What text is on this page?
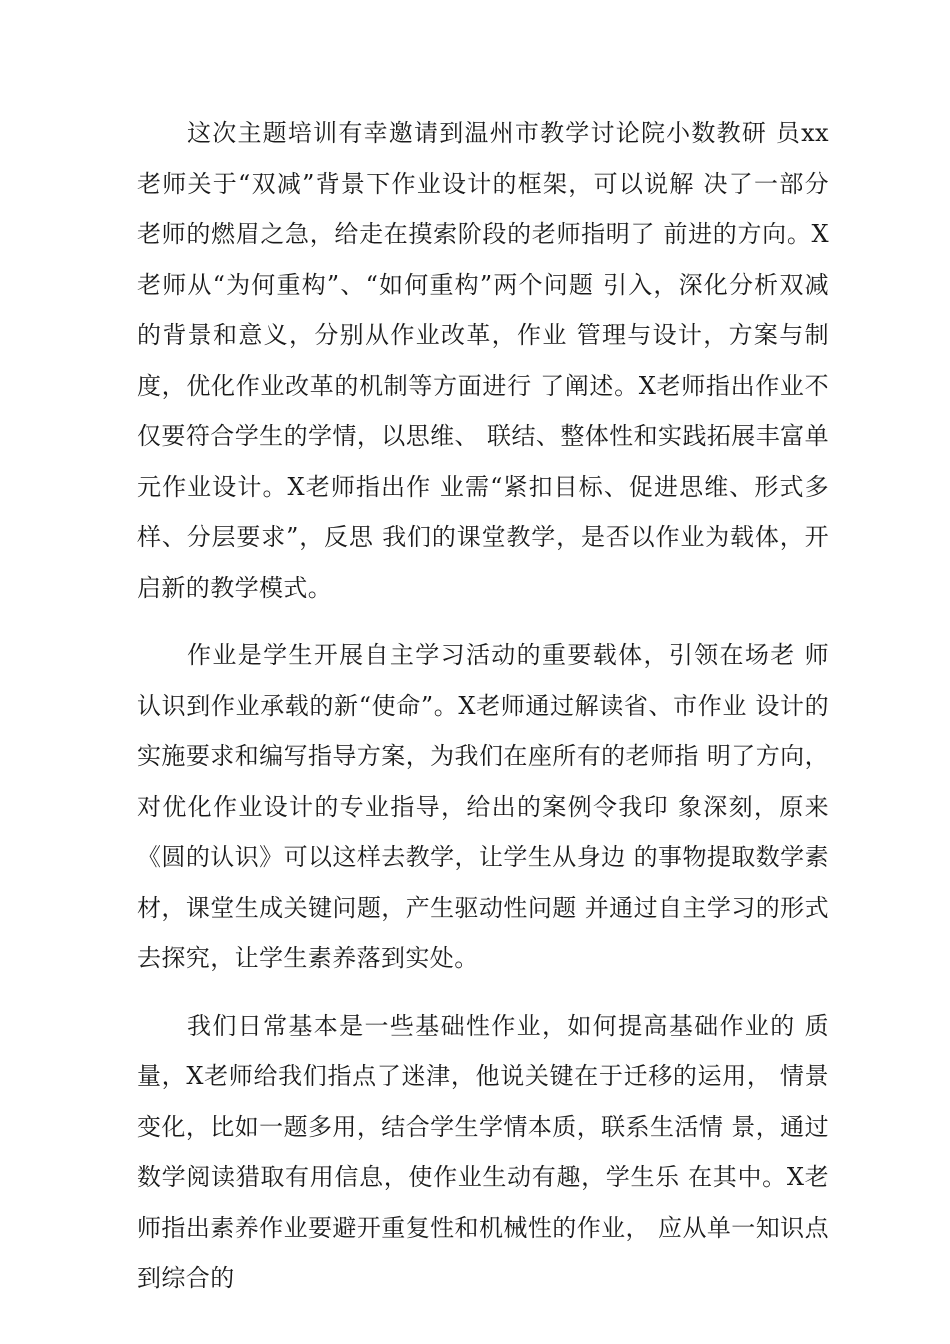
这次主题培训有幸邀请到温州市教学讨论院小数教研 员xx老师关于“双减”背景下作业设计的框架，可以说解 决了一部分老师的燃眉之急，给走在摸索阶段的老师指明了 前进的方向。X老师从“为何重构”、“如何重构”两个问题 引入，深化分析双减的背景和意义，分别从作业改革，作业 管理与设计，方案与制度，优化作业改革的机制等方面进行 了阐述。X老师指出作业不仅要符合学生的学情，以思维、 联结、整体性和实践拓展丰富单元作业设计。X老师指出作 业需“紧扣目标、促进思维、形式多样、分层要求”，反思 我们的课堂教学，是否以作业为载体，开启新的教学模式。

作业是学生开展自主学习活动的重要载体，引领在场老 师认识到作业承载的新“使命”。X老师通过解读省、市作业 设计的实施要求和编写指导方案，为我们在座所有的老师指 明了方向，对优化作业设计的专业指导，给出的案例令我印 象深刻，原来《圆的认识》可以这样去教学，让学生从身边 的事物提取数学素材，课堂生成关键问题，产生驱动性问题 并通过自主学习的形式去探究，让学生素养落到实处。

我们日常基本是一些基础性作业，如何提高基础作业的 质量，X老师给我们指点了迷津，他说关键在于迁移的运用， 情景变化，比如一题多用，结合学生学情本质，联系生活情 景，通过数学阅读猎取有用信息，使作业生动有趣，学生乐 在其中。X老师指出素养作业要避开重复性和机械性的作业， 应从单一知识点到综合的
